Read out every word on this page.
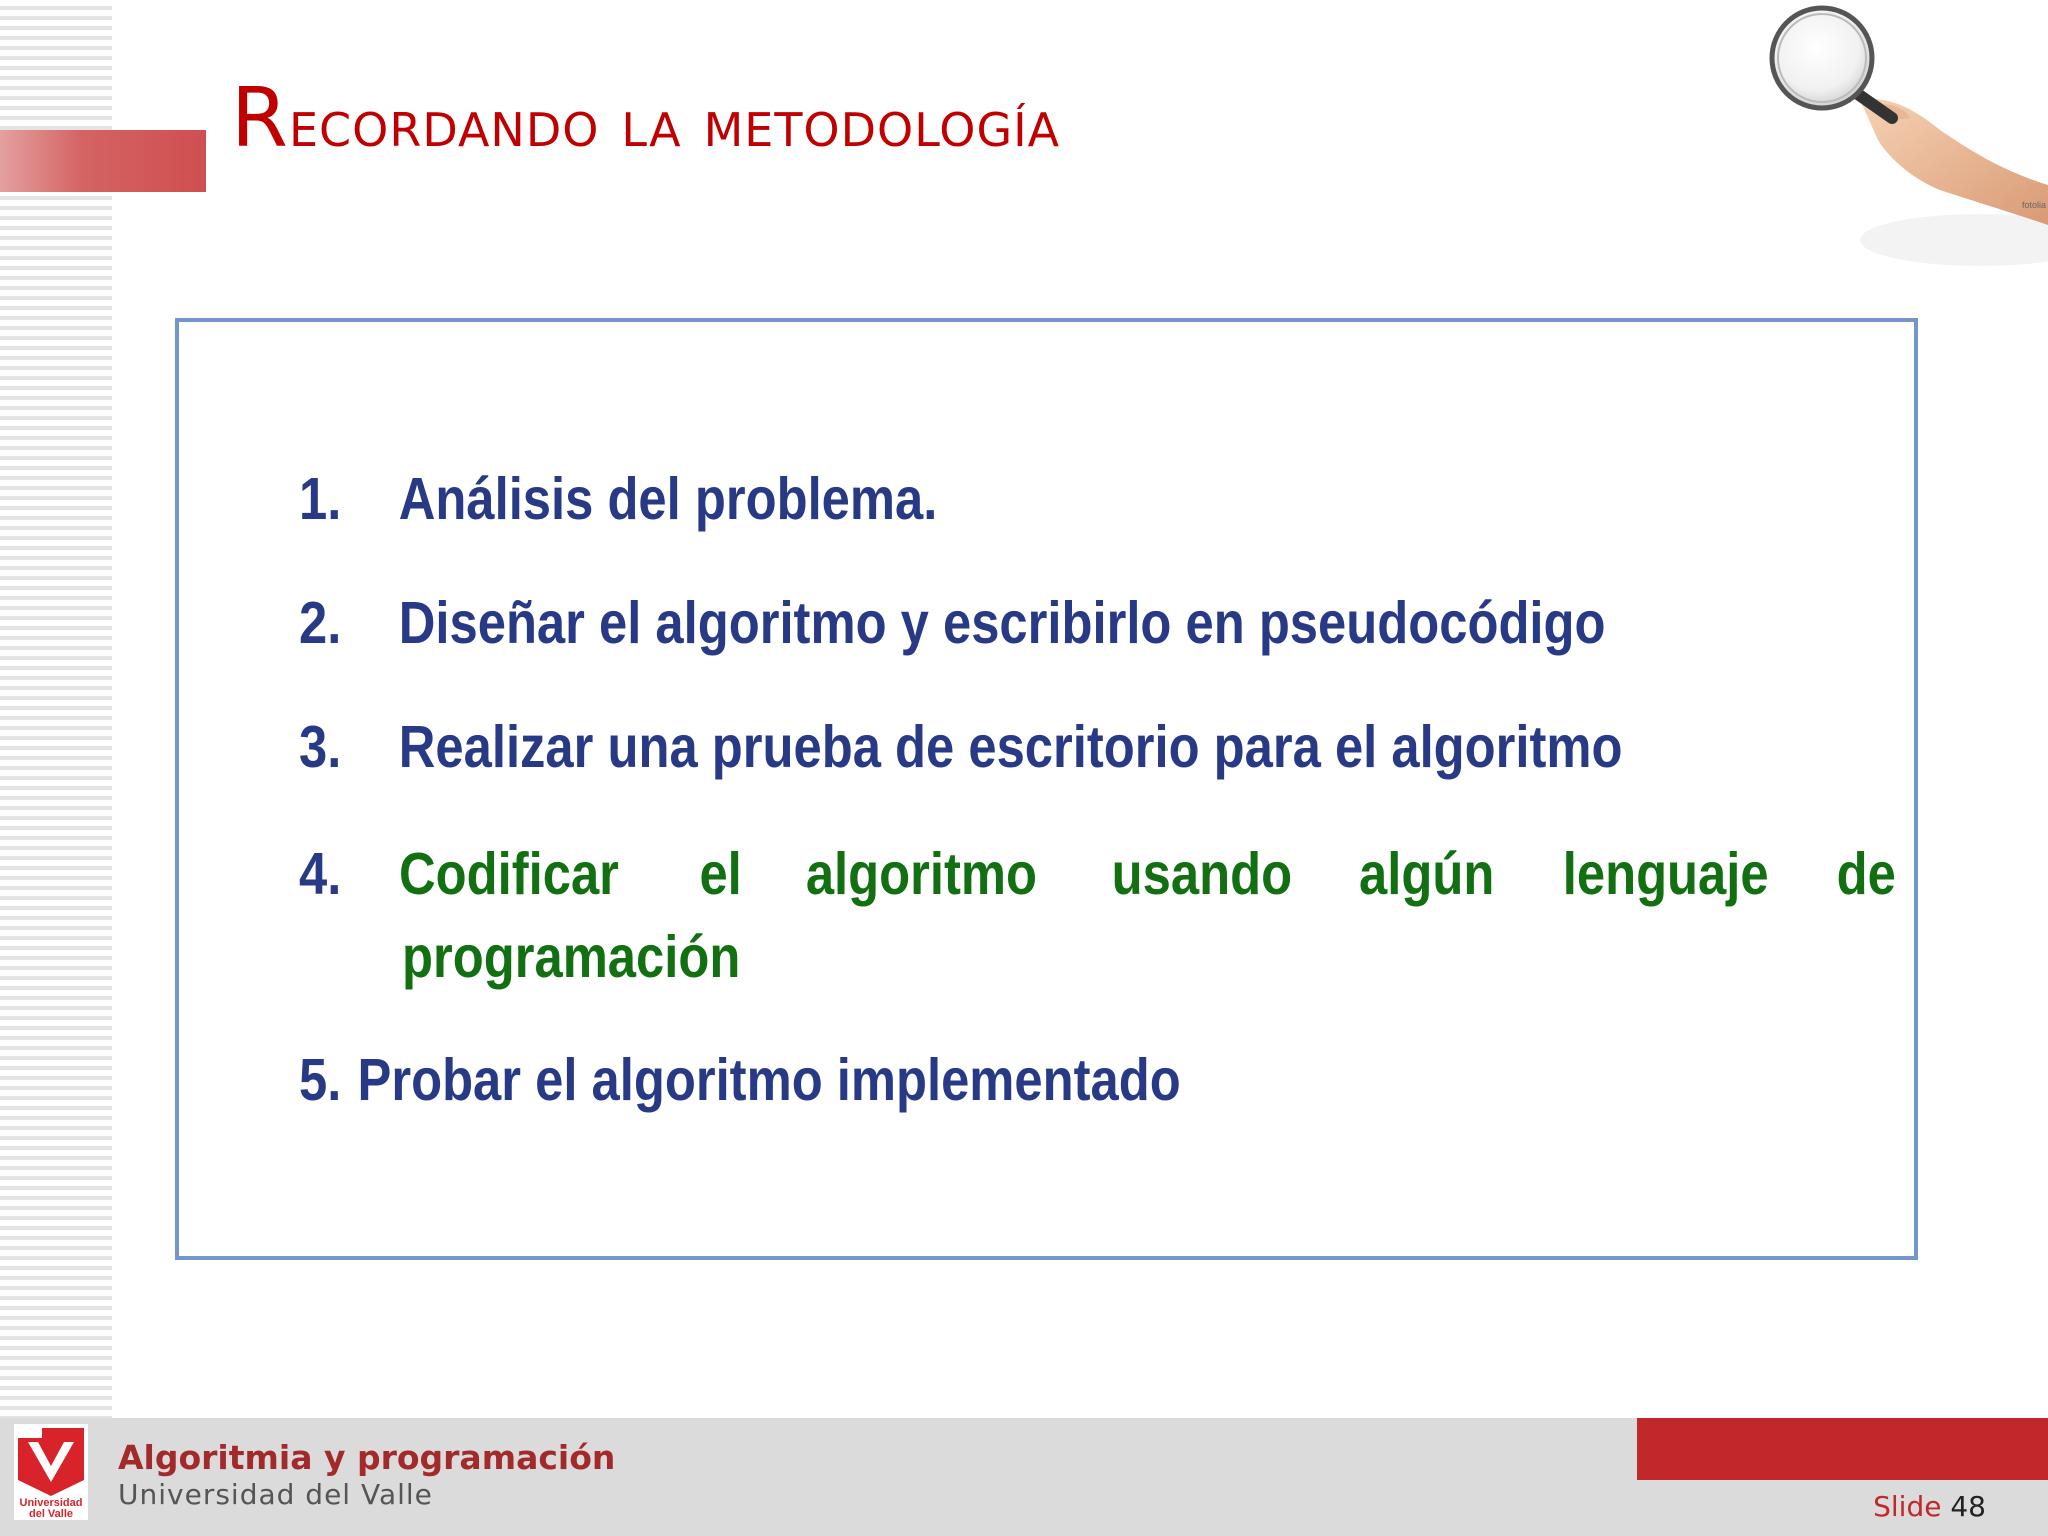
Recordando la metodología
fotolia
1. Análisis del problema.
2. Diseñar el algoritmo y escribirlo en pseudocódigo
3. Realizar una prueba de escritorio para el algoritmo
4. Codificar el algoritmo usando algún lenguaje de
programación
5. Probar el algoritmo implementado
Universidad
del Valle
Algoritmia y programación
Universidad del Valle	Slide 48
